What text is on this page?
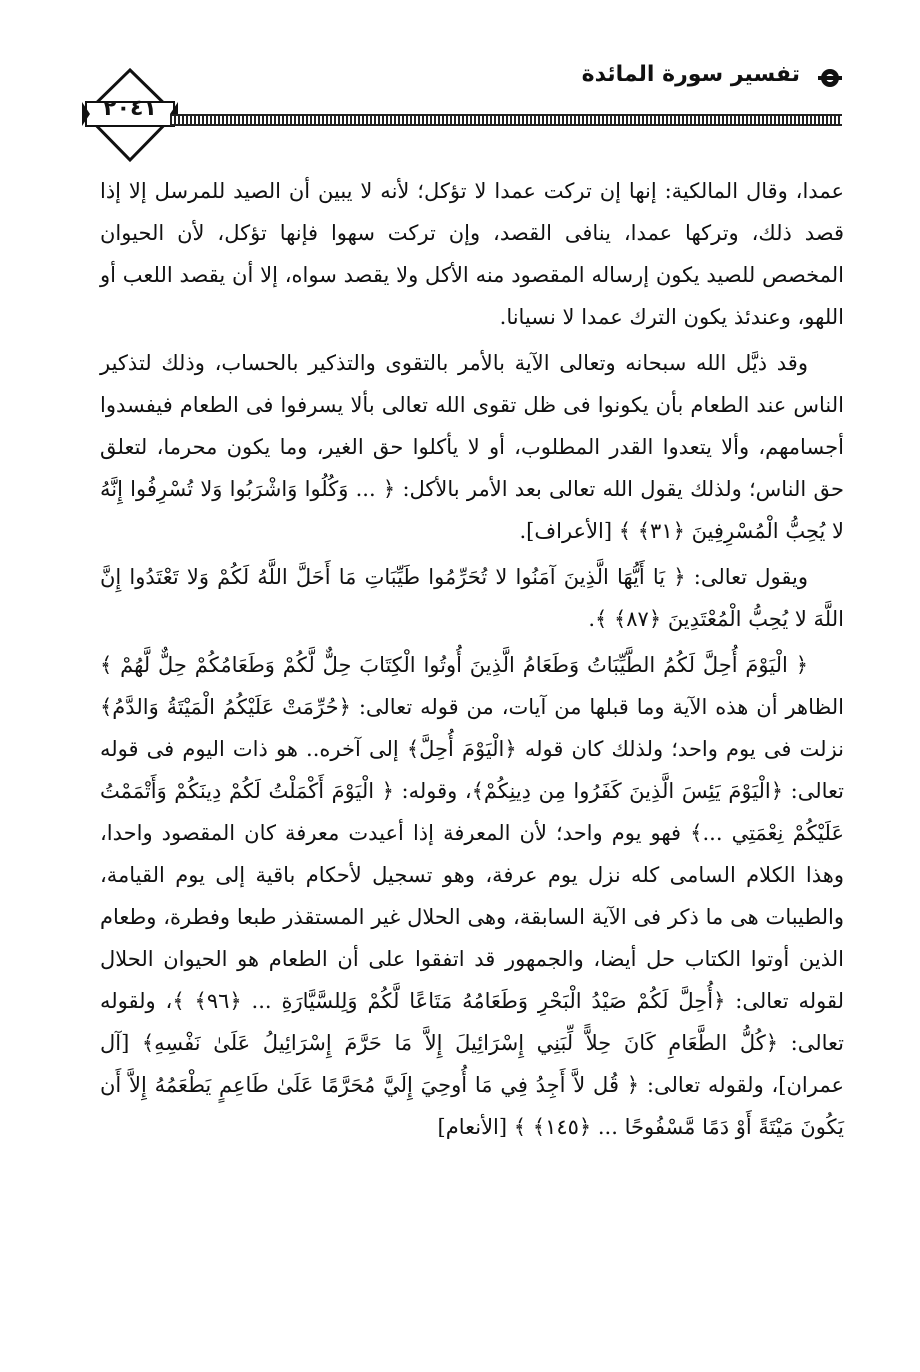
٢٠٤١
تفسير سورة المائدة

عمدا، وقال المالكية: إنها إن تركت عمدا لا تؤكل؛ لأنه لا يبين أن الصيد للمرسل إلا إذا قصد ذلك، وتركها عمدا، ينافى القصد، وإن تركت سهوا فإنها تؤكل، لأن الحيوان المخصص للصيد يكون إرساله المقصود منه الأكل ولا يقصد سواه، إلا أن يقصد اللعب أو اللهو، وعندئذ يكون الترك عمدا لا نسيانا.

وقد ذيَّل الله سبحانه وتعالى الآية بالأمر بالتقوى والتذكير بالحساب، وذلك لتذكير الناس عند الطعام بأن يكونوا فى ظل تقوى الله تعالى بألا يسرفوا فى الطعام فيفسدوا أجسامهم، وألا يتعدوا القدر المطلوب، أو لا يأكلوا حق الغير، وما يكون محرما، لتعلق حق الناس؛ ولذلك يقول الله تعالى بعد الأمر بالأكل: ﴿ ... وَكُلُوا وَاشْرَبُوا وَلا تُسْرِفُوا إِنَّهُ لا يُحِبُّ الْمُسْرِفِينَ ﴿٣١﴾ ﴾ [الأعراف].

ويقول تعالى: ﴿ يَا أَيُّهَا الَّذِينَ آمَنُوا لا تُحَرِّمُوا طَيِّبَاتِ مَا أَحَلَّ اللَّهُ لَكُمْ وَلا تَعْتَدُوا إِنَّ اللَّهَ لا يُحِبُّ الْمُعْتَدِينَ ﴿٨٧﴾ ﴾.

﴿ الْيَوْمَ أُحِلَّ لَكُمُ الطَّيِّبَاتُ وَطَعَامُ الَّذِينَ أُوتُوا الْكِتَابَ حِلٌّ لَّكُمْ وَطَعَامُكُمْ حِلٌّ لَّهُمْ ﴾ الظاهر أن هذه الآية وما قبلها من آيات، من قوله تعالى: ﴿حُرِّمَتْ عَلَيْكُمُ الْمَيْتَةُ وَالدَّمُ﴾ نزلت فى يوم واحد؛ ولذلك كان قوله ﴿الْيَوْمَ أُحِلَّ﴾ إلى آخره.. هو ذات اليوم فى قوله تعالى: ﴿الْيَوْمَ يَئِسَ الَّذِينَ كَفَرُوا مِن دِينِكُمْ﴾، وقوله: ﴿ الْيَوْمَ أَكْمَلْتُ لَكُمْ دِينَكُمْ وَأَتْمَمْتُ عَلَيْكُمْ نِعْمَتِي ...﴾ فهو يوم واحد؛ لأن المعرفة إذا أعيدت معرفة كان المقصود واحدا، وهذا الكلام السامى كله نزل يوم عرفة، وهو تسجيل لأحكام باقية إلى يوم القيامة، والطيبات هى ما ذكر فى الآية السابقة، وهى الحلال غير المستقذر طبعا وفطرة، وطعام الذين أوتوا الكتاب حل أيضا، والجمهور قد اتفقوا على أن الطعام هو الحيوان الحلال لقوله تعالى: ﴿أُحِلَّ لَكُمْ صَيْدُ الْبَحْرِ وَطَعَامُهُ مَتَاعًا لَّكُمْ وَلِلسَّيَّارَةِ ... ﴿٩٦﴾ ﴾، ولقوله تعالى: ﴿كُلُّ الطَّعَامِ كَانَ حِلاًّ لِّبَنِي إِسْرَائِيلَ إِلاَّ مَا حَرَّمَ إِسْرَائِيلُ عَلَىٰ نَفْسِهِ﴾ [آل عمران]، ولقوله تعالى: ﴿ قُل لاَّ أَجِدُ فِي مَا أُوحِيَ إِلَيَّ مُحَرَّمًا عَلَىٰ طَاعِمٍ يَطْعَمُهُ إِلاَّ أَن يَكُونَ مَيْتَةً أَوْ دَمًا مَّسْفُوحًا ... ﴿١٤٥﴾ ﴾ [الأنعام]
